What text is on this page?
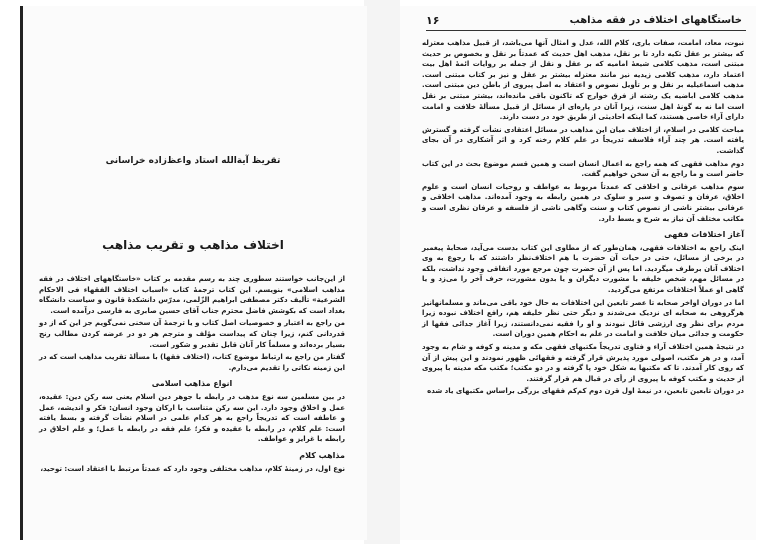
تقریظ آیة‌الله استاد واعظ‌زاده خراسانی
اختلاف مذاهب و تقریب مذاهب

از این‌جانب خواستند سطوری چند به رسم مقدمه بر کتاب «خاستگاههای اختلاف در فقه مذاهب اسلامی» بنویسم. این کتاب ترجمهٔ کتاب «اسباب اختلاف الفقهاء فی الاحکام الشرعیة» تألیف دکتر مصطفی ابراهیم الزّلمی، مدرّس دانشکدهٔ قانون و سیاست دانشگاه بغداد است که بکوشش فاضل محترم جناب آقای حسین صابری به فارسی درآمده است.

من راجع به اعتبار و خصوصیات اصل کتاب و یا ترجمهٔ آن سخنی نمی‌گویم جز این که از دو قدردانی کنم، زیرا چنان که پیداست مؤلف و مترجم هر دو در عرضه کردن مطالب رنج بسیار برده‌اند و مسلماً کار آنان قابل تقدیر و شکور است.

گفتار من راجع به ارتباط موضوع کتاب، (اختلاف فقها) با مسألهٔ تقریب مذاهب است که در این زمینه نکاتی را تقدیم می‌دارم.

انواع مذاهب اسلامی

در بین مسلمین سه نوع مذهب در رابطه با جوهر دین اسلام یعنی سه رکن دین: عقیده، عمل و اخلاق وجود دارد. این سه رکن متناسب با ارکان وجود انسان: فکر و اندیشه، عمل و عاطفه است که تدریجاً راجع به هر کدام علمی در اسلام نشأت گرفته و بسط یافته است: علم کلام، در رابطه با عقیده و فکر؛ علم فقه در رابطه با عمل؛ و علم اخلاق در رابطه با غرایز و عواطف.

مذاهب کلام

نوع اول، در زمینهٔ کلام، مذاهب مختلفی وجود دارد که عمدتاً مرتبط با اعتقاد است: توحید،

۱۶	خاستگاههای اختلاف در فقه مذاهب

نبوت، معاد، امامت، صفات باری، کلام الله، عدل و امثال آنها می‌باشد، از قبیل مذاهب معتزله که بیشتر بر عقل تکیه دارد تا بر نقل، مذهب اهل حدیث که عمدتاً بر نقل و بخصوص بر حدیث مبتنی است، مذهب کلامی شیعهٔ امامیه که بر عقل و نقل از جمله بر روایات ائمهٔ اهل بیت اعتماد دارد، مذهب کلامی زیدیه نیز مانند معتزله بیشتر بر عقل و نیز بر کتاب مبتنی است. مذهب اسماعیلیه بر نقل و بر تأویل نصوص و اعتقاد به اصل پیروی از باطن دین مبتنی است. مذهب کلامی اباضیه یک رشته از فرق خوارج که تاکنون باقی مانده‌اند، بیشتر مبتنی بر نقل است اما نه به گونهٔ اهل سنت، زیرا آنان در پاره‌ای از مسائل از قبیل مسألهٔ خلافت و امامت دارای آراء خاصی هستند، کما اینکه احادیثی از طریق خود در دست دارند.

مباحث کلامی در اسلام، از اختلاف میان این مذاهب در مسائل اعتقادی نشأت گرفته و گسترش یافته است. هر چند آراء فلاسفه تدریجاً در علم کلام رخنه کرد و اثر آشکاری در آن بجای گذاشت.

دوم مذاهب فقهی که همه راجع به اعمال انسان است و همین قسم موضوع بحث در این کتاب حاضر است و ما راجع به آن سخن خواهیم گفت.

سوم مذاهب عرفانی و اخلاقی که عمدتاً مربوط به عواطف و روحیات انسان است و علوم اخلاق، عرفان و تصوف و سیر و سلوک در همین رابطه به وجود آمده‌اند. مذاهب اخلاقی و عرفانی بیشتر ناشی از نصوص کتاب و سنت وگاهی ناشی از فلسفه و عرفان نظری است و مکاتب مختلف آن نیاز به شرح و بسط دارد.

آغاز اختلافات فقهی

اینک راجع به اختلافات فقهی، همان‌طور که از مطاوی این کتاب بدست می‌آید، صحابهٔ پیغمبر در برخی از مسائل، حتی در حیات آن حضرت با هم اختلاف‌نظر داشتند که با رجوع به وی اختلاف آنان برطرف میگردید. اما پس از آن حضرت چون مرجع مورد اتفاقی وجود نداشت، بلکه در مسائل مهم، شخص خلیفه با مشورت دیگران و یا بدون مشورت، حرف آخر را می‌زد و یا گاهی او عملاً اختلافات مرتفع می‌گردید.

اما در دوران اواخر صحابه تا عصر تابعین این اختلافات به حال خود باقی می‌ماند و مسلمانهانیز هرگروهی به صحابه ای نزدیک می‌شدند و دیگر حتی نظر خلیفه هم، رافع اختلاف نبوده زیرا مردم برای نظر وی ارزشی قائل نبودند و او را فقیه نمی‌دانستند، زیرا آغاز جدائی فقها از حکومت و جدائی میان خلافت و امامت در علم به احکام همین دوران است.

در نتیجهٔ همین اختلاف آراء و فتاوی تدریجاً مکتبهای فقهی مکه و مدینه و کوفه و شام به وجود آمد، و در هر مکتب، اصولی مورد پذیرش قرار گرفته و فقهائی ظهور نمودند و این پیش از آن که روی کار آمدند. تا که مکتبها به شکل خود پا گرفته و در دو مکتب؛ مکتب مکه مدینه با پیروی از حدیث و مکتب کوفه با پیروی از رأی در قبال هم قرار گرفتند.

در دوران تابعین تابعین، در نیمهٔ اول قرن دوم کم‌کم فقهای بزرگی براساس مکتبهای یاد شده
